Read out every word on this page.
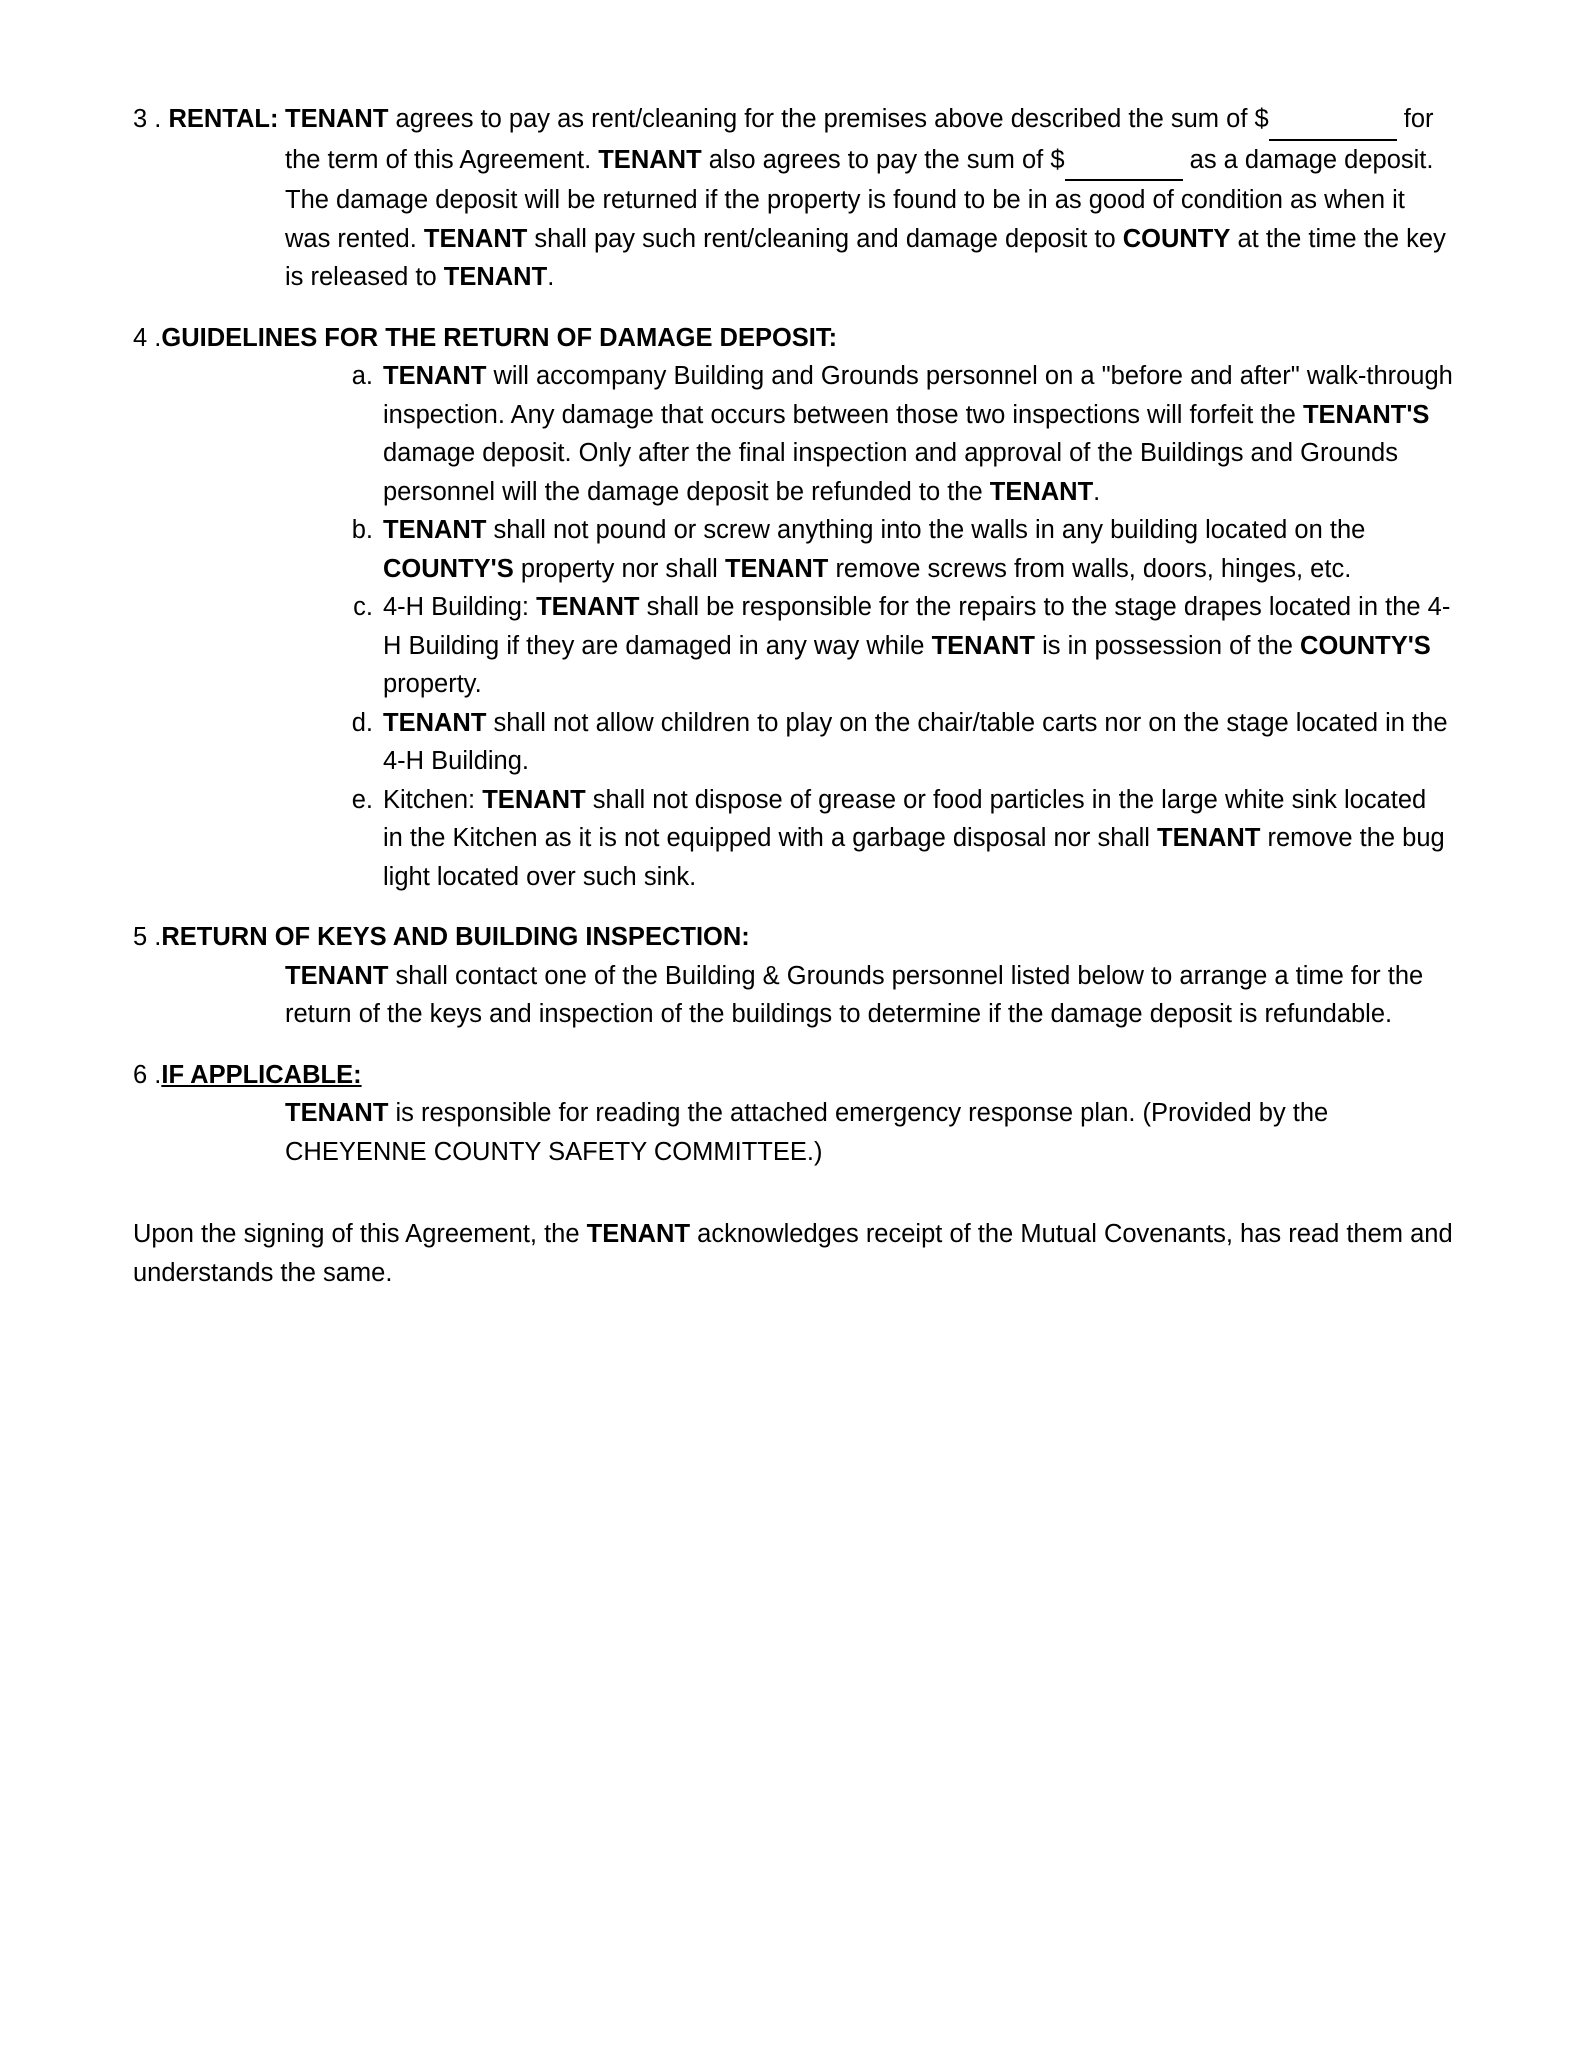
3 . RENTAL: TENANT agrees to pay as rent/cleaning for the premises above described the sum of $	for the term of this Agreement. TENANT also agrees to pay the sum of $	as a damage deposit. The damage deposit will be returned if the property is found to be in as good of condition as when it was rented. TENANT shall pay such rent/cleaning and damage deposit to COUNTY at the time the key is released to TENANT.
4 . GUIDELINES FOR THE RETURN OF DAMAGE DEPOSIT:
a. TENANT will accompany Building and Grounds personnel on a "before and after" walk-through inspection. Any damage that occurs between those two inspections will forfeit the TENANT'S damage deposit. Only after the final inspection and approval of the Buildings and Grounds personnel will the damage deposit be refunded to the TENANT.
b. TENANT shall not pound or screw anything into the walls in any building located on the COUNTY'S property nor shall TENANT remove screws from walls, doors, hinges, etc.
c. 4-H Building: TENANT shall be responsible for the repairs to the stage drapes located in the 4-H Building if they are damaged in any way while TENANT is in possession of the COUNTY'S property.
d. TENANT shall not allow children to play on the chair/table carts nor on the stage located in the 4-H Building.
e. Kitchen: TENANT shall not dispose of grease or food particles in the large white sink located in the Kitchen as it is not equipped with a garbage disposal nor shall TENANT remove the bug light located over such sink.
5 . RETURN OF KEYS AND BUILDING INSPECTION:
TENANT shall contact one of the Building & Grounds personnel listed below to arrange a time for the return of the keys and inspection of the buildings to determine if the damage deposit is refundable.
6 . IF APPLICABLE:
TENANT is responsible for reading the attached emergency response plan. (Provided by the CHEYENNE COUNTY SAFETY COMMITTEE.)
Upon the signing of this Agreement, the TENANT acknowledges receipt of the Mutual Covenants, has read them and understands the same.
